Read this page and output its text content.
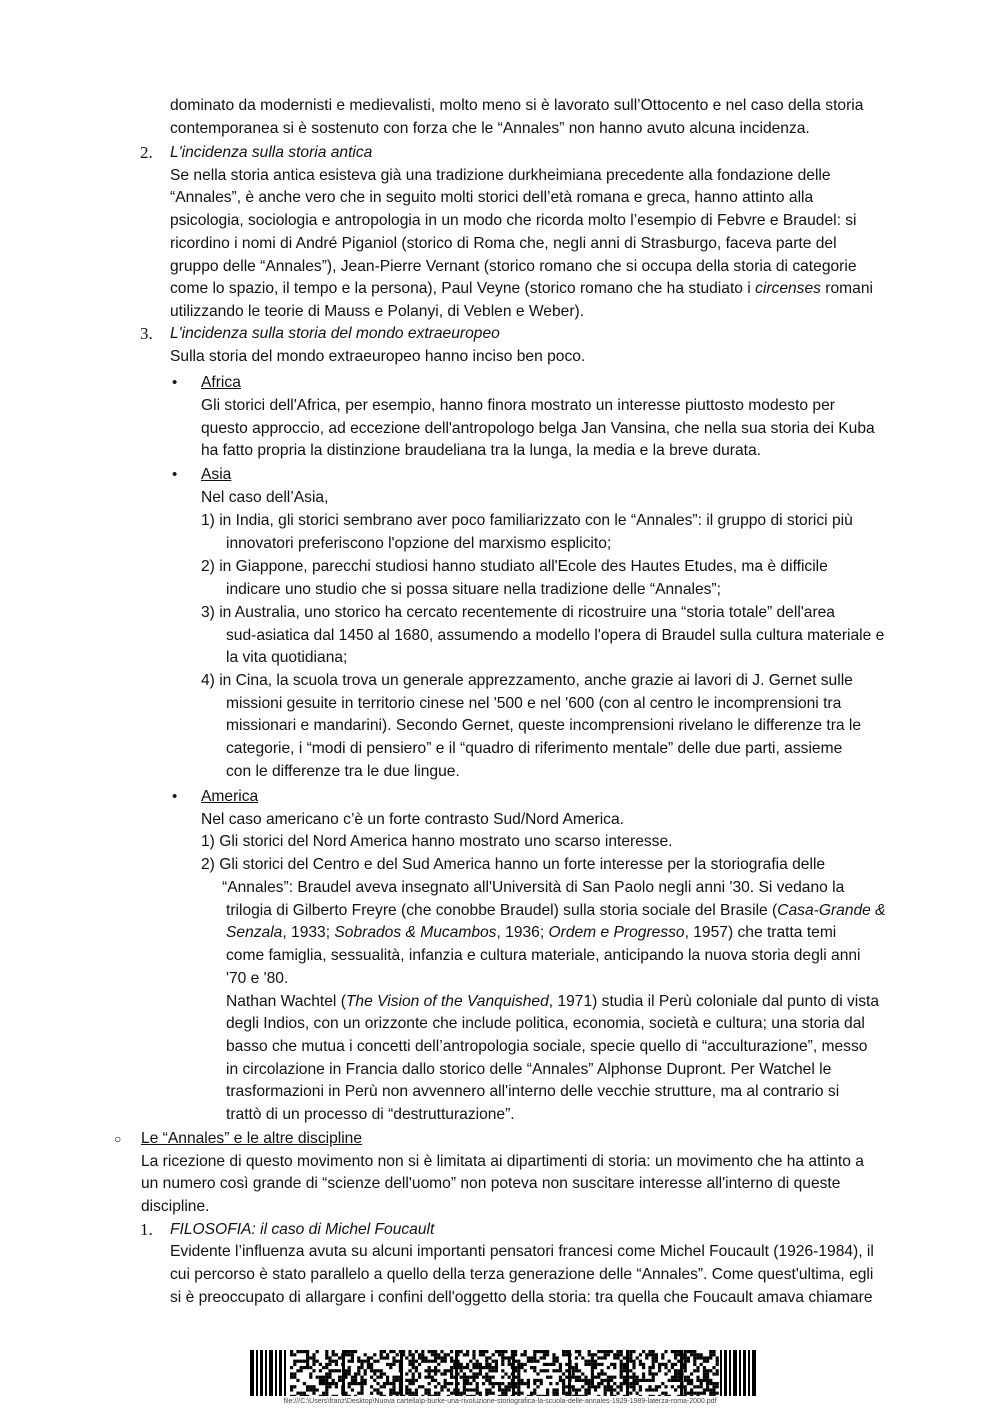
2.
3.
•
•
•
○
1.
dominato da modernisti e medievalisti, molto meno si è lavorato sull’Ottocento e nel caso della storia
contemporanea si è sostenuto con forza che le “Annales” non hanno avuto alcuna incidenza.
L'incidenza sulla storia antica
Se nella storia antica esisteva già una tradizione durkheimiana precedente alla fondazione delle
“Annales”, è anche vero che in seguito molti storici dell’età romana e greca, hanno attinto alla
psicologia, sociologia e antropologia in un modo che ricorda molto l’esempio di Febvre e Braudel: si
ricordino i nomi di André Piganiol (storico di Roma che, negli anni di Strasburgo, faceva parte del
gruppo delle “Annales”), Jean-Pierre Vernant (storico romano che si occupa della storia di categorie
come lo spazio, il tempo e la persona), Paul Veyne (storico romano che ha studiato i circenses romani
utilizzando le teorie di Mauss e Polanyi, di Veblen e Weber).
L'incidenza sulla storia del mondo extraeuropeo
Sulla storia del mondo extraeuropeo hanno inciso ben poco.
Africa
Gli storici dell'Africa, per esempio, hanno finora mostrato un interesse piuttosto modesto per
questo approccio, ad eccezione dell'antropologo belga Jan Vansina, che nella sua storia dei Kuba
ha fatto propria la distinzione braudeliana tra la lunga, la media e la breve durata.
Asia
Nel caso dell’Asia,
1) in India, gli storici sembrano aver poco familiarizzato con le “Annales”: il gruppo di storici più
innovatori preferiscono l'opzione del marxismo esplicito;
2) in Giappone, parecchi studiosi hanno studiato all'Ecole des Hautes Etudes, ma è difficile
indicare uno studio che si possa situare nella tradizione delle “Annales”;
3) in Australia, uno storico ha cercato recentemente di ricostruire una “storia totale” dell'area
sud-asiatica dal 1450 al 1680, assumendo a modello l'opera di Braudel sulla cultura materiale e
la vita quotidiana;
4) in Cina, la scuola trova un generale apprezzamento, anche grazie ai lavori di J. Gernet sulle
missioni gesuite in territorio cinese nel '500 e nel '600 (con al centro le incomprensioni tra
missionari e mandarini). Secondo Gernet, queste incomprensioni rivelano le differenze tra le
categorie, i “modi di pensiero” e il “quadro di riferimento mentale” delle due parti, assieme
con le differenze tra le due lingue.
America
Nel caso americano c’è un forte contrasto Sud/Nord America.
1) Gli storici del Nord America hanno mostrato uno scarso interesse.
2) Gli storici del Centro e del Sud America hanno un forte interesse per la storiografia delle
“Annales”: Braudel aveva insegnato all'Università di San Paolo negli anni '30. Si vedano la
trilogia di Gilberto Freyre (che conobbe Braudel) sulla storia sociale del Brasile (Casa-Grande &
Senzala, 1933; Sobrados & Mucambos, 1936; Ordem e Progresso, 1957) che tratta temi
come famiglia, sessualità, infanzia e cultura materiale, anticipando la nuova storia degli anni
'70 e '80.
Nathan Wachtel (The Vision of the Vanquished, 1971) studia il Perù coloniale dal punto di vista
degli Indios, con un orizzonte che include politica, economia, società e cultura; una storia dal
basso che mutua i concetti dell’antropologia sociale, specie quello di “acculturazione”, messo
in circolazione in Francia dallo storico delle “Annales” Alphonse Dupront. Per Watchel le
trasformazioni in Perù non avvennero all'interno delle vecchie strutture, ma al contrario si
trattò di un processo di “destrutturazione”.
Le “Annales” e le altre discipline
La ricezione di questo movimento non si è limitata ai dipartimenti di storia: un movimento che ha attinto a
un numero così grande di “scienze dell'uomo” non poteva non suscitare interesse all'interno di queste
discipline.
FILOSOFIA: il caso di Michel Foucault
Evidente l’influenza avuta su alcuni importanti pensatori francesi come Michel Foucault (1926-1984), il
cui percorso è stato parallelo a quello della terza generazione delle “Annales”. Come quest'ultima, egli
si è preoccupato di allargare i confini dell'oggetto della storia: tra quella che Foucault amava chiamare
file:///C:\Users\franz\Desktop\Nuova cartella\p-burke-una-rivoluzione-storiografica-la-scuola-delle-annales-1929-1989-laterza-roma-2000.pdf
